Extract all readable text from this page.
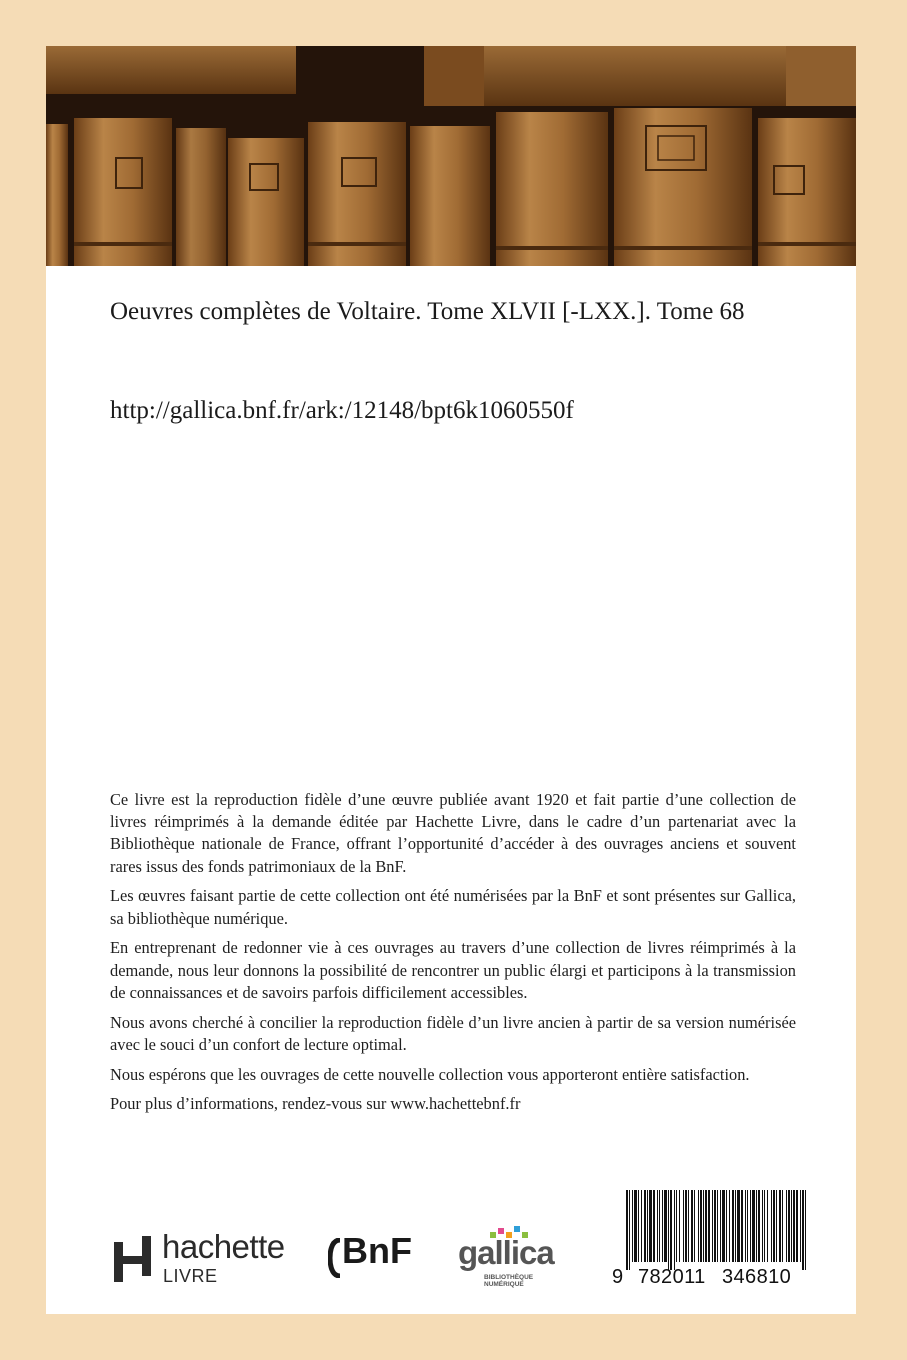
Oeuvres complètes de Voltaire. Tome XLVII [-LXX.]. Tome 68
http://gallica.bnf.fr/ark:/12148/bpt6k1060550f

Ce livre est la reproduction fidèle d’une œuvre publiée avant 1920 et fait partie d’une collection de livres réimprimés à la demande éditée par Hachette Livre, dans le cadre d’un partenariat avec la Bibliothèque nationale de France, offrant l’opportunité d’accéder à des ouvrages anciens et souvent rares issus des fonds patrimoniaux de la BnF.

Les œuvres faisant partie de cette collection ont été numérisées par la BnF et sont présentes sur Gallica, sa bibliothèque numérique.

En entreprenant de redonner vie à ces ouvrages au travers d’une collection de livres réimprimés à la demande, nous leur donnons la possibilité de rencontrer un public élargi et participons à la transmission de connaissances et de savoirs parfois difficilement accessibles.

Nous avons cherché à concilier la reproduction fidèle d’un livre ancien à partir de sa version numérisée avec le souci d’un confort de lecture optimal.

Nous espérons que les ouvrages de cette nouvelle collection vous apporteront entière satisfaction.

Pour plus d’informations, rendez-vous sur www.hachettebnf.fr

hachette
LIVRE
BnF gallica
BIBLIOTHÈQUE
NUMÉRIQUE	9 782011 346810
